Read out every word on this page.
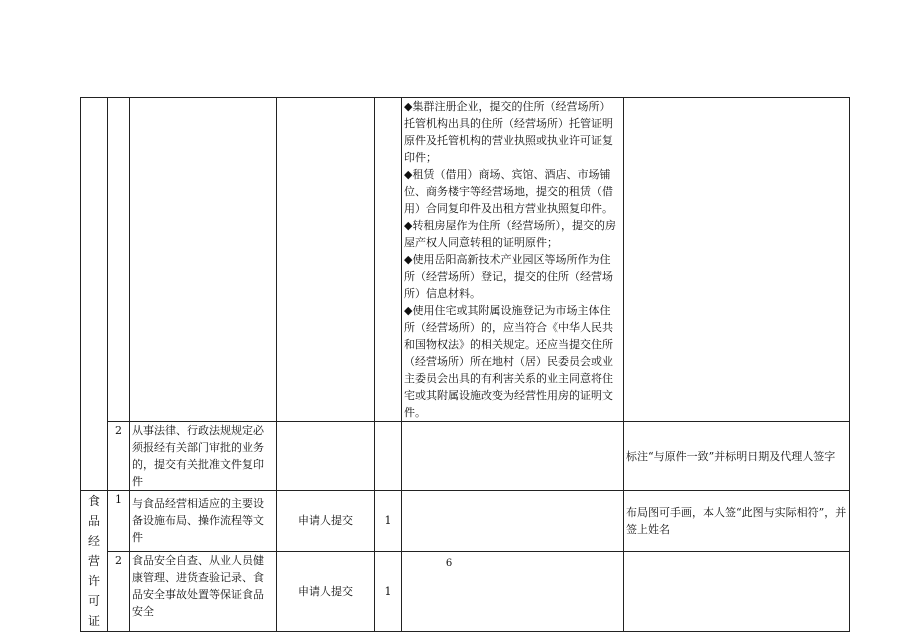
					◆集群注册企业，提交的住所（经营场所）托管机构出具的住所（经营场所）托管证明原件及托管机构的营业执照或执业许可证复印件；
◆租赁（借用）商场、宾馆、酒店、市场铺位、商务楼宇等经营场地，提交的租赁（借用）合同复印件及出租方营业执照复印件。
◆转租房屋作为住所（经营场所），提交的房屋产权人同意转租的证明原件；
◆使用岳阳高新技术产业园区等场所作为住所（经营场所）登记，提交的住所（经营场所）信息材料。
◆使用住宅或其附属设施登记为市场主体住所（经营场所）的，应当符合《中华人民共和国物权法》的相关规定。还应当提交住所（经营场所）所在地村（居）民委员会或业主委员会出具的有利害关系的业主同意将住宅或其附属设施改变为经营性用房的证明文件。	

	2	从事法律、行政法规规定必须报经有关部门审批的业务的，提交有关批准文件复印件				标注“与原件一致”并标明日期及代理人签字
食品经营许可证	1	与食品经营相适应的主要设备设施布局、操作流程等文件	申请人提交	1		布局图可手画，本人签“此图与实际相符”，并签上姓名
	2	食品安全自查、从业人员健康管理、进货查验记录、食品安全事故处置等保证食品安全	申请人提交	1		
6
